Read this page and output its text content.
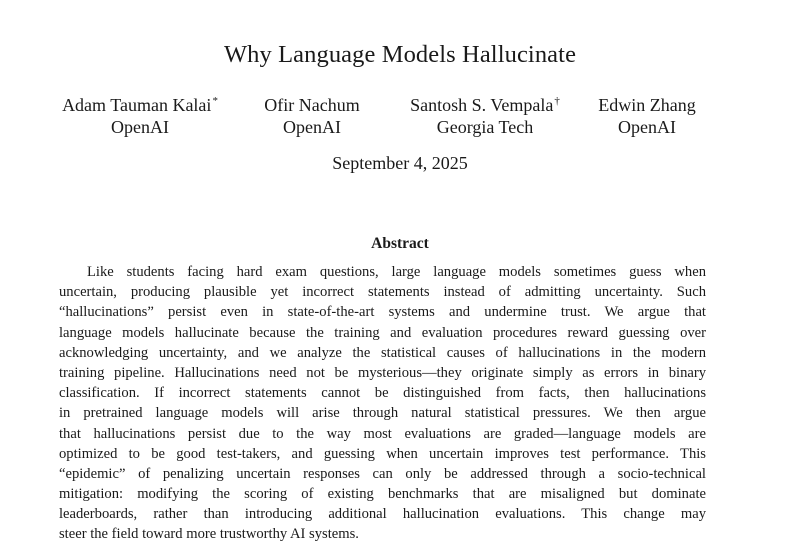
Why Language Models Hallucinate
Adam Tauman Kalai*
OpenAI
Ofir Nachum
OpenAI
Santosh S. Vempala†
Georgia Tech
Edwin Zhang
OpenAI
September 4, 2025
Abstract
Like students facing hard exam questions, large language models sometimes guess when
uncertain, producing plausible yet incorrect statements instead of admitting uncertainty. Such
“hallucinations” persist even in state-of-the-art systems and undermine trust. We argue that
language models hallucinate because the training and evaluation procedures reward guessing over
acknowledging uncertainty, and we analyze the statistical causes of hallucinations in the modern
training pipeline. Hallucinations need not be mysterious—they originate simply as errors in binary
classification. If incorrect statements cannot be distinguished from facts, then hallucinations
in pretrained language models will arise through natural statistical pressures. We then argue
that hallucinations persist due to the way most evaluations are graded—language models are
optimized to be good test-takers, and guessing when uncertain improves test performance. This
“epidemic” of penalizing uncertain responses can only be addressed through a socio-technical
mitigation: modifying the scoring of existing benchmarks that are misaligned but dominate
leaderboards, rather than introducing additional hallucination evaluations. This change may
steer the field toward more trustworthy AI systems.
